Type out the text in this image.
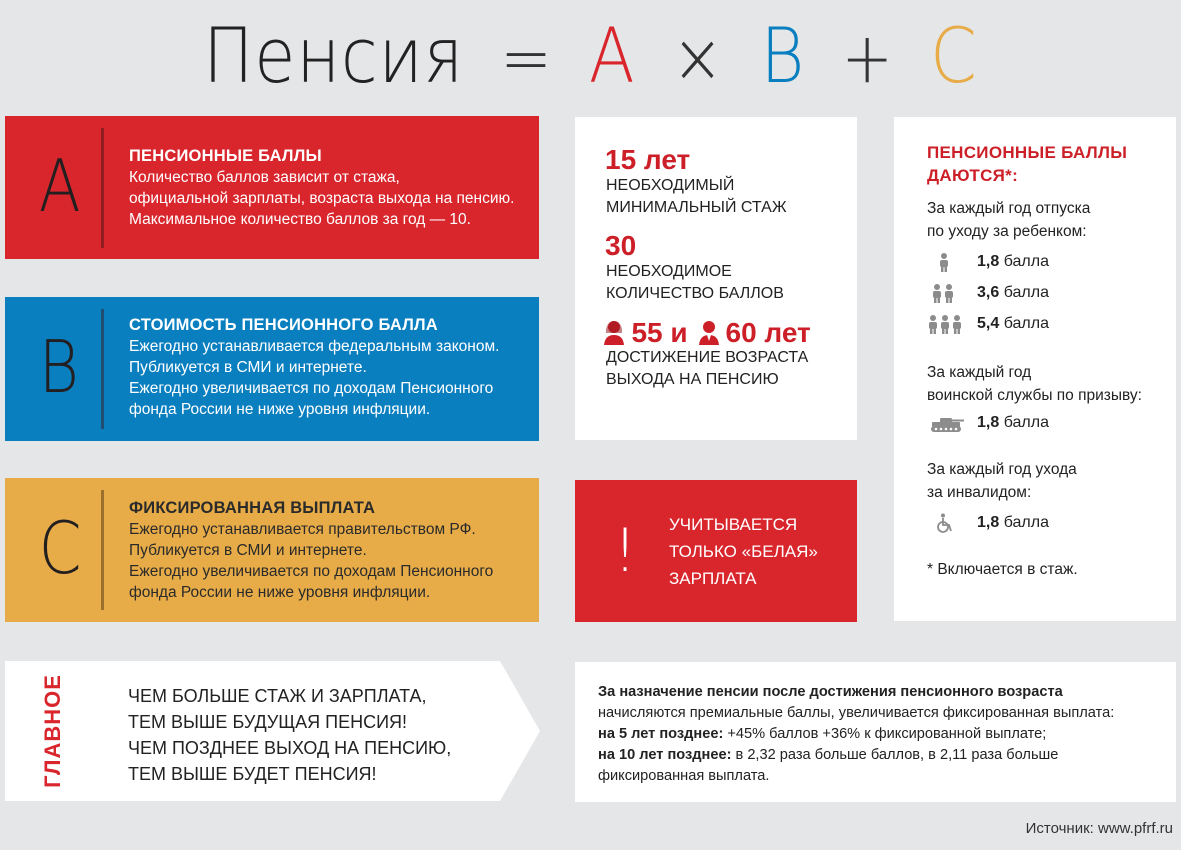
Пенсия = A × B + C
A	ПЕНСИОННЫЕ БАЛЛЫ
Количество баллов зависит от стажа,
официальной зарплаты, возраста выхода на пенсию.
Максимальное количество баллов за год — 10.
B	СТОИМОСТЬ ПЕНСИОННОГО БАЛЛА
Ежегодно устанавливается федеральным законом.
Публикуется в СМИ и интернете.
Ежегодно увеличивается по доходам Пенсионного
фонда России не ниже уровня инфляции.
C	ФИКСИРОВАННАЯ ВЫПЛАТА
Ежегодно устанавливается правительством РФ.
Публикуется в СМИ и интернете.
Ежегодно увеличивается по доходам Пенсионного
фонда России не ниже уровня инфляции.
15 лет
НЕОБХОДИМЫЙ
МИНИМАЛЬНЫЙ СТАЖ
30
НЕОБХОДИМОЕ
КОЛИЧЕСТВО БАЛЛОВ
55 и 60 лет
ДОСТИЖЕНИЕ ВОЗРАСТА
ВЫХОДА НА ПЕНСИЮ
! УЧИТЫВАЕТСЯ
ТОЛЬКО «БЕЛАЯ»
ЗАРПЛАТА
ПЕНСИОННЫЕ БАЛЛЫ
ДАЮТСЯ*:
За каждый год отпуска
по уходу за ребенком:
1,8 балла
3,6 балла
5,4 балла
За каждый год
воинской службы по призыву:
1,8 балла
За каждый год ухода
за инвалидом:
1,8 балла
* Включается в стаж.
ГЛАВНОЕ	ЧЕМ БОЛЬШЕ СТАЖ И ЗАРПЛАТА,
ТЕМ ВЫШЕ БУДУЩАЯ ПЕНСИЯ!
ЧЕМ ПОЗДНЕЕ ВЫХОД НА ПЕНСИЮ,
ТЕМ ВЫШЕ БУДЕТ ПЕНСИЯ!
За назначение пенсии после достижения пенсионного возраста
начисляются премиальные баллы, увеличивается фиксированная выплата:
на 5 лет позднее: +45% баллов +36% к фиксированной выплате;
на 10 лет позднее: в 2,32 раза больше баллов, в 2,11 раза больше
фиксированная выплата.
Источник: www.pfrf.ru
